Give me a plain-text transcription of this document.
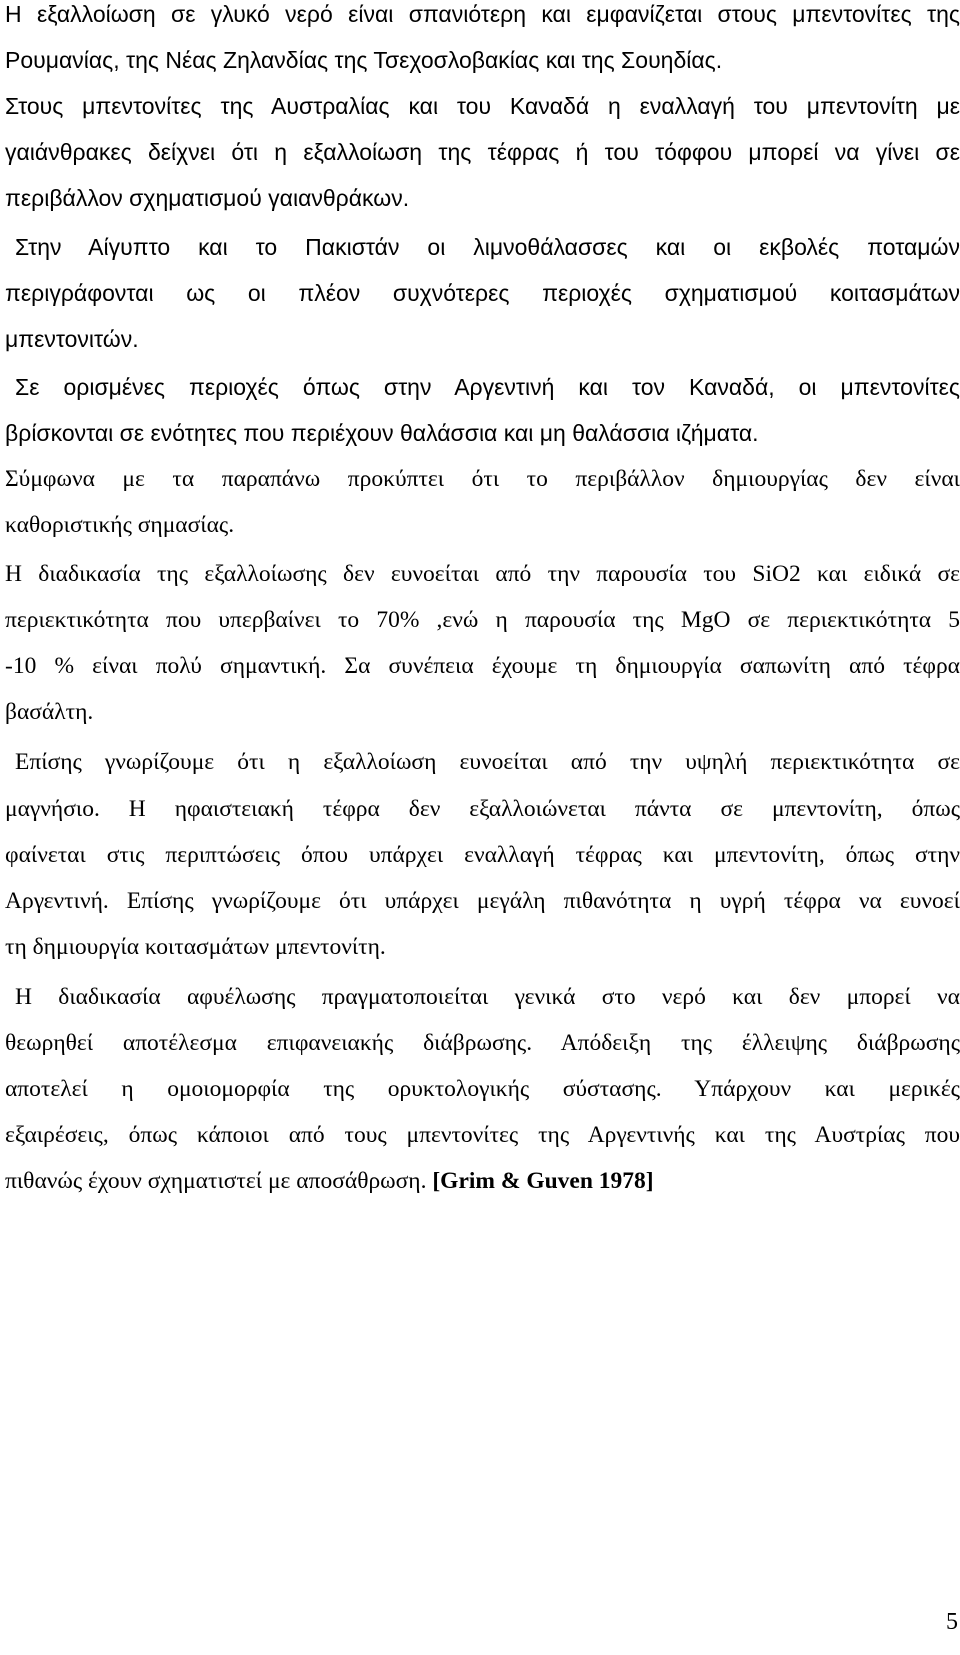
Η εξαλλοίωση σε γλυκό νερό είναι σπανιότερη και εμφανίζεται στους μπεντονίτες της
Ρουμανίας, της Νέας Ζηλανδίας της Τσεχοσλοβακίας και της Σουηδίας.
Στους μπεντονίτες της Αυστραλίας και του Καναδά η εναλλαγή του μπεντονίτη με
γαιάνθρακες δείχνει ότι η εξαλλοίωση της τέφρας ή του τόφφου μπορεί να γίνει σε
περιβάλλον σχηματισμού γαιανθράκων.
Στην Αίγυπτο και το Πακιστάν οι λιμνοθάλασσες και οι εκβολές ποταμών
περιγράφονται ως οι πλέον συχνότερες περιοχές σχηματισμού κοιτασμάτων
μπεντονιτών.
Σε ορισμένες περιοχές όπως στην Αργεντινή και τον Καναδά, οι μπεντονίτες
βρίσκονται σε ενότητες που περιέχουν θαλάσσια και μη θαλάσσια ιζήματα.
Σύμφωνα με τα παραπάνω προκύπτει ότι το περιβάλλον δημιουργίας δεν είναι
καθοριστικής σημασίας.
Η διαδικασία της εξαλλοίωσης δεν ευνοείται από την παρουσία του SiO2 και ειδικά σε
περιεκτικότητα που υπερβαίνει το 70% ,ενώ η παρουσία της MgO σε περιεκτικότητα 5
-10 % είναι πολύ σημαντική. Σα συνέπεια έχουμε τη δημιουργία σαπωνίτη από τέφρα
βασάλτη.
Επίσης γνωρίζουμε ότι η εξαλλοίωση ευνοείται από την υψηλή περιεκτικότητα σε
μαγνήσιο. Η ηφαιστειακή τέφρα δεν εξαλλοιώνεται πάντα σε μπεντονίτη, όπως
φαίνεται στις περιπτώσεις όπου υπάρχει εναλλαγή τέφρας και μπεντονίτη, όπως στην
Αργεντινή. Επίσης γνωρίζουμε ότι υπάρχει μεγάλη πιθανότητα η υγρή τέφρα να ευνοεί
τη δημιουργία κοιτασμάτων μπεντονίτη.
Η διαδικασία αφυέλωσης πραγματοποιείται γενικά στο νερό και δεν μπορεί να
θεωρηθεί αποτέλεσμα επιφανειακής διάβρωσης. Απόδειξη της έλλειψης διάβρωσης
αποτελεί η ομοιομορφία της ορυκτολογικής σύστασης. Υπάρχουν και μερικές
εξαιρέσεις, όπως κάποιοι από τους μπεντονίτες της Αργεντινής και της Αυστρίας που
πιθανώς έχουν σχηματιστεί με αποσάθρωση. [Grim & Guven 1978]
5
